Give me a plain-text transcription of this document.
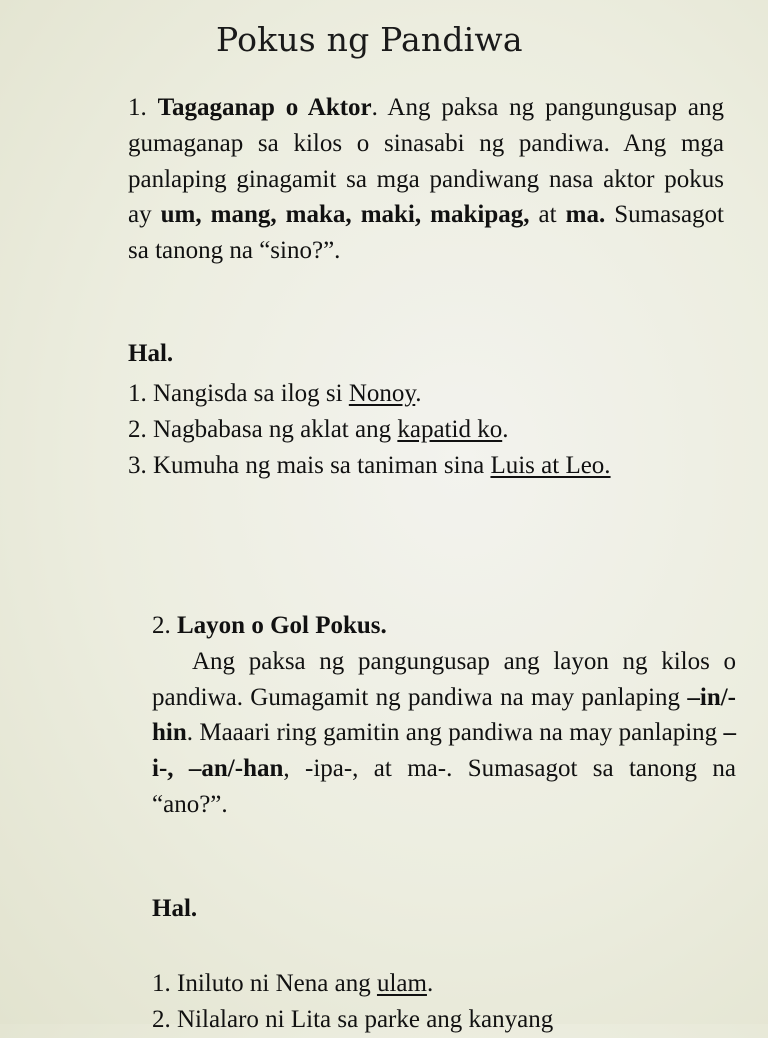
Pokus ng Pandiwa
1. Tagaganap o Aktor. Ang paksa ng pangungusap ang gumaganap sa kilos o sinasabi ng pandiwa. Ang mga panlaping ginagamit sa mga pandiwang nasa aktor pokus ay um, mang, maka, maki, makipag, at ma. Sumasagot sa tanong na “sino?”.
Hal.
1. Nangisda sa ilog si Nonoy.
2. Nagbabasa ng aklat ang kapatid ko.
3. Kumuha ng mais sa taniman sina Luis at Leo.
2. Layon o Gol Pokus.
Ang paksa ng pangungusap ang layon ng kilos o pandiwa. Gumagamit ng pandiwa na may panlaping –in/-hin. Maaari ring gamitin ang pandiwa na may panlaping –i-, –an/-han, -ipa-, at ma-. Sumasagot sa tanong na “ano?”.
Hal.
1. Iniluto ni Nena ang ulam.
2. Nilalaro ni Lita sa parke ang kanyang
